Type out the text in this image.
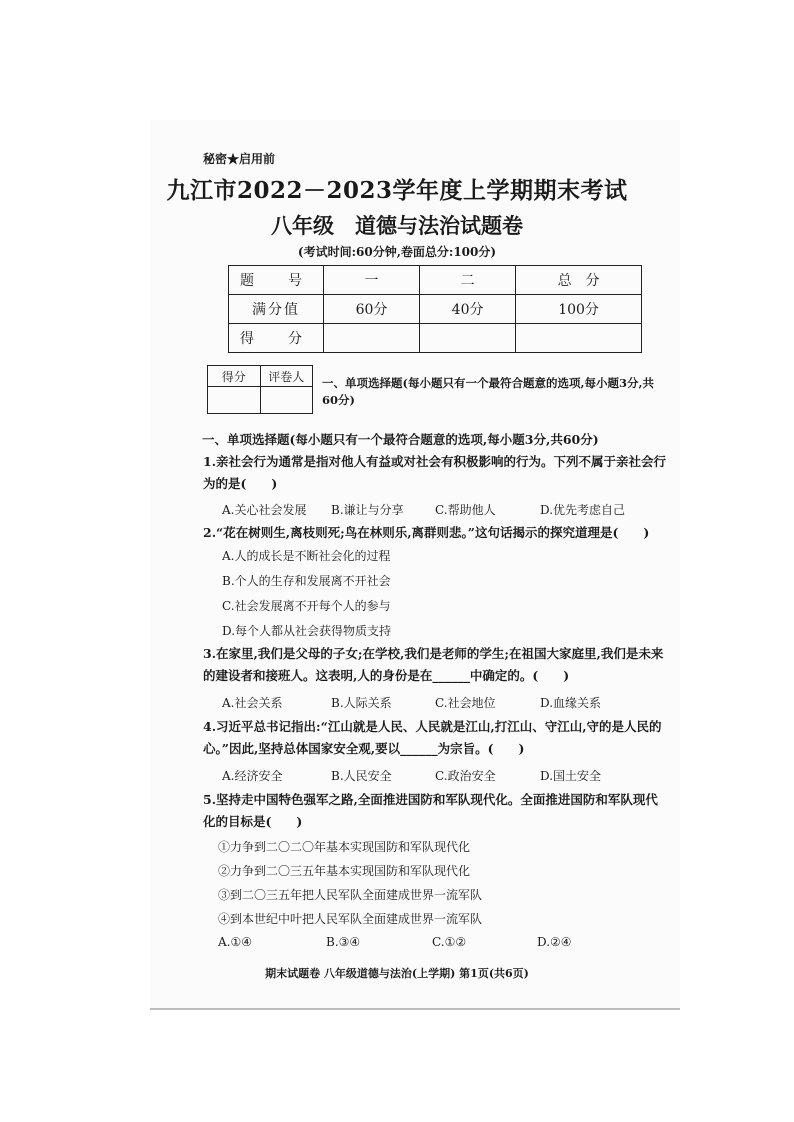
秘密★启用前
九江市2022－2023学年度上学期期末考试
八年级　道德与法治试题卷
(考试时间:60分钟,卷面总分:100分)
题　号	一	二	总　分
满分值	60分	40分	100分
得　分			
得分	评卷人
	一、单项选择题(每小题只有一个最符合题意的选项,每小题3分,共60分)
一、单项选择题(每小题只有一个最符合题意的选项,每小题3分,共60分)
1.亲社会行为通常是指对他人有益或对社会有积极影响的行为。下列不属于亲社会行为的是(　　)
A.关心社会发展 B.谦让与分享	C.帮助他人	D.优先考虑自己
2.“花在树则生,离枝则死;鸟在林则乐,离群则悲。”这句话揭示的探究道理是(　　)
A.人的成长是不断社会化的过程
B.个人的生存和发展离不开社会
C.社会发展离不开每个人的参与
D.每个人都从社会获得物质支持
3.在家里,我们是父母的子女;在学校,我们是老师的学生;在祖国大家庭里,我们是未来的建设者和接班人。这表明,人的身份是在______中确定的。(　　)
A.社会关系	B.人际关系	C.社会地位	D.血缘关系
4.习近平总书记指出:“江山就是人民、人民就是江山,打江山、守江山,守的是人民的心。”因此,坚持总体国家安全观,要以______为宗旨。(　　)
A.经济安全	B.人民安全	C.政治安全	D.国土安全
5.坚持走中国特色强军之路,全面推进国防和军队现代化。全面推进国防和军队现代化的目标是(　　)
①力争到二〇二〇年基本实现国防和军队现代化
②力争到二〇三五年基本实现国防和军队现代化
③到二〇三五年把人民军队全面建成世界一流军队
④到本世纪中叶把人民军队全面建成世界一流军队
A.①④	B.③④	C.①②	D.②④
期末试题卷 八年级道德与法治(上学期) 第1页(共6页)
